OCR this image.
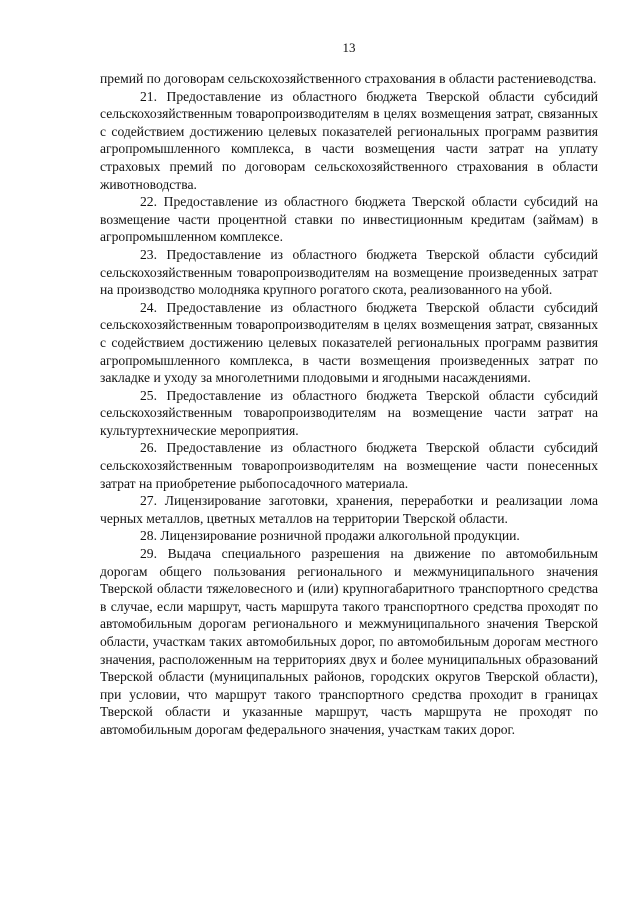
13

премий по договорам сельскохозяйственного страхования в области растениеводства.

21. Предоставление из областного бюджета Тверской области субсидий сельскохозяйственным товаропроизводителям в целях возмещения затрат, связанных с содействием достижению целевых показателей региональных программ развития агропромышленного комплекса, в части возмещения части затрат на уплату страховых премий по договорам сельскохозяйственного страхования в области животноводства.

22. Предоставление из областного бюджета Тверской области субсидий на возмещение части процентной ставки по инвестиционным кредитам (займам) в агропромышленном комплексе.

23. Предоставление из областного бюджета Тверской области субсидий сельскохозяйственным товаропроизводителям на возмещение произведенных затрат на производство молодняка крупного рогатого скота, реализованного на убой.

24. Предоставление из областного бюджета Тверской области субсидий сельскохозяйственным товаропроизводителям в целях возмещения затрат, связанных с содействием достижению целевых показателей региональных программ развития агропромышленного комплекса, в части возмещения произведенных затрат по закладке и уходу за многолетними плодовыми и ягодными насаждениями.

25. Предоставление из областного бюджета Тверской области субсидий сельскохозяйственным товаропроизводителям на возмещение части затрат на культуртехнические мероприятия.

26. Предоставление из областного бюджета Тверской области субсидий сельскохозяйственным товаропроизводителям на возмещение части понесенных затрат на приобретение рыбопосадочного материала.

27. Лицензирование заготовки, хранения, переработки и реализации лома черных металлов, цветных металлов на территории Тверской области.

28. Лицензирование розничной продажи алкогольной продукции.

29. Выдача специального разрешения на движение по автомобильным дорогам общего пользования регионального и межмуниципального значения Тверской области тяжеловесного и (или) крупногабаритного транспортного средства в случае, если маршрут, часть маршрута такого транспортного средства проходят по автомобильным дорогам регионального и межмуниципального значения Тверской области, участкам таких автомобильных дорог, по автомобильным дорогам местного значения, расположенным на территориях двух и более муниципальных образований Тверской области (муниципальных районов, городских округов Тверской области), при условии, что маршрут такого транспортного средства проходит в границах Тверской области и указанные маршрут, часть маршрута не проходят по автомобильным дорогам федерального значения, участкам таких дорог.
